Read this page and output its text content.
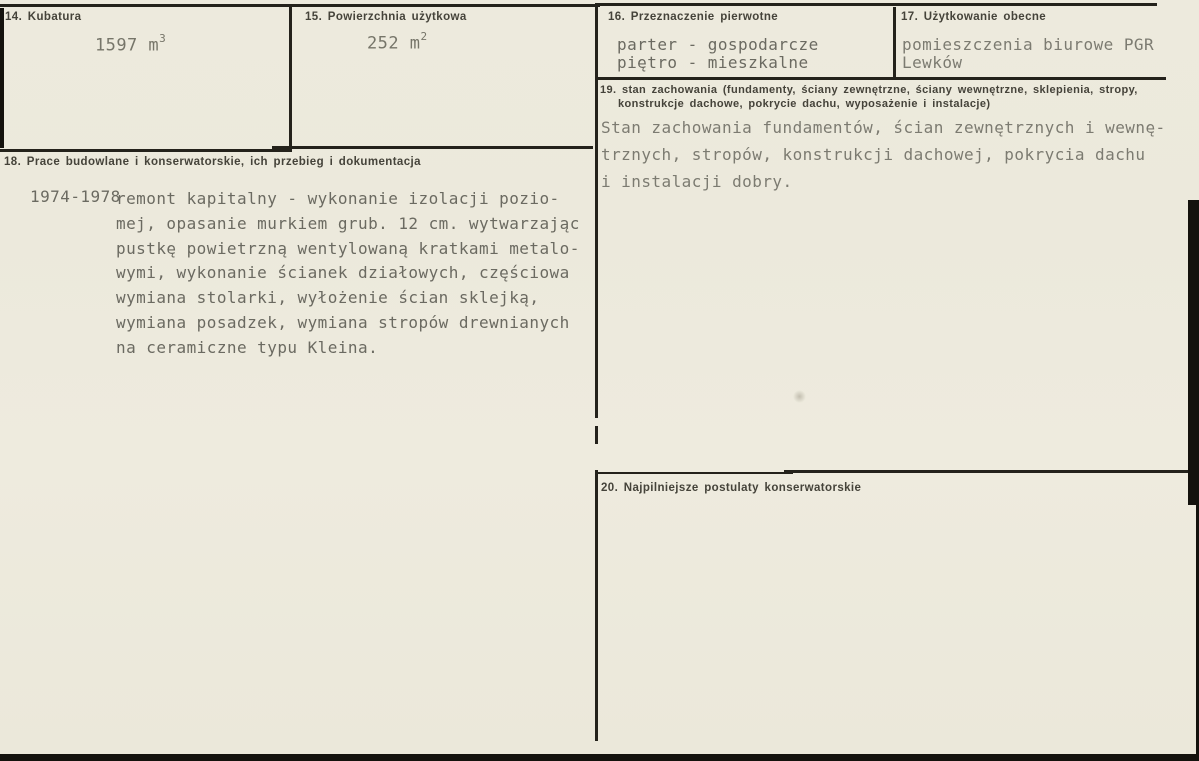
14. Kubatura
1597 $m^3$
15. Powierzchnia użytkowa
252 $m^2$
16. Przeznaczenie pierwotne
parter - gospodarcze
piętro - mieszkalne
17. Użytkowanie obecne
pomieszczenia biurowe PGR
Lewków
18. Prace budowlane i konserwatorskie, ich przebieg i dokumentacja
1974-1978
remont kapitalny - wykonanie izolacji pozio-
mej, opasanie murkiem grub. 12 cm. wytwarzając
pustkę powietrzną wentylowaną kratkami metalo-
wymi, wykonanie ścianek działowych, częściowa
wymiana stolarki, wyłożenie ścian sklejką,
wymiana posadzek, wymiana stropów drewnianych
na ceramiczne typu Kleina.
19. stan zachowania (fundamenty, ściany zewnętrzne, ściany wewnętrzne, sklepienia, stropy,
konstrukcje dachowe, pokrycie dachu, wyposażenie i instalacje)
Stan zachowania fundamentów, ścian zewnętrznych i wewnę-
trznych, stropów, konstrukcji dachowej, pokrycia dachu
i instalacji dobry.
20. Najpilniejsze postulaty konserwatorskie
